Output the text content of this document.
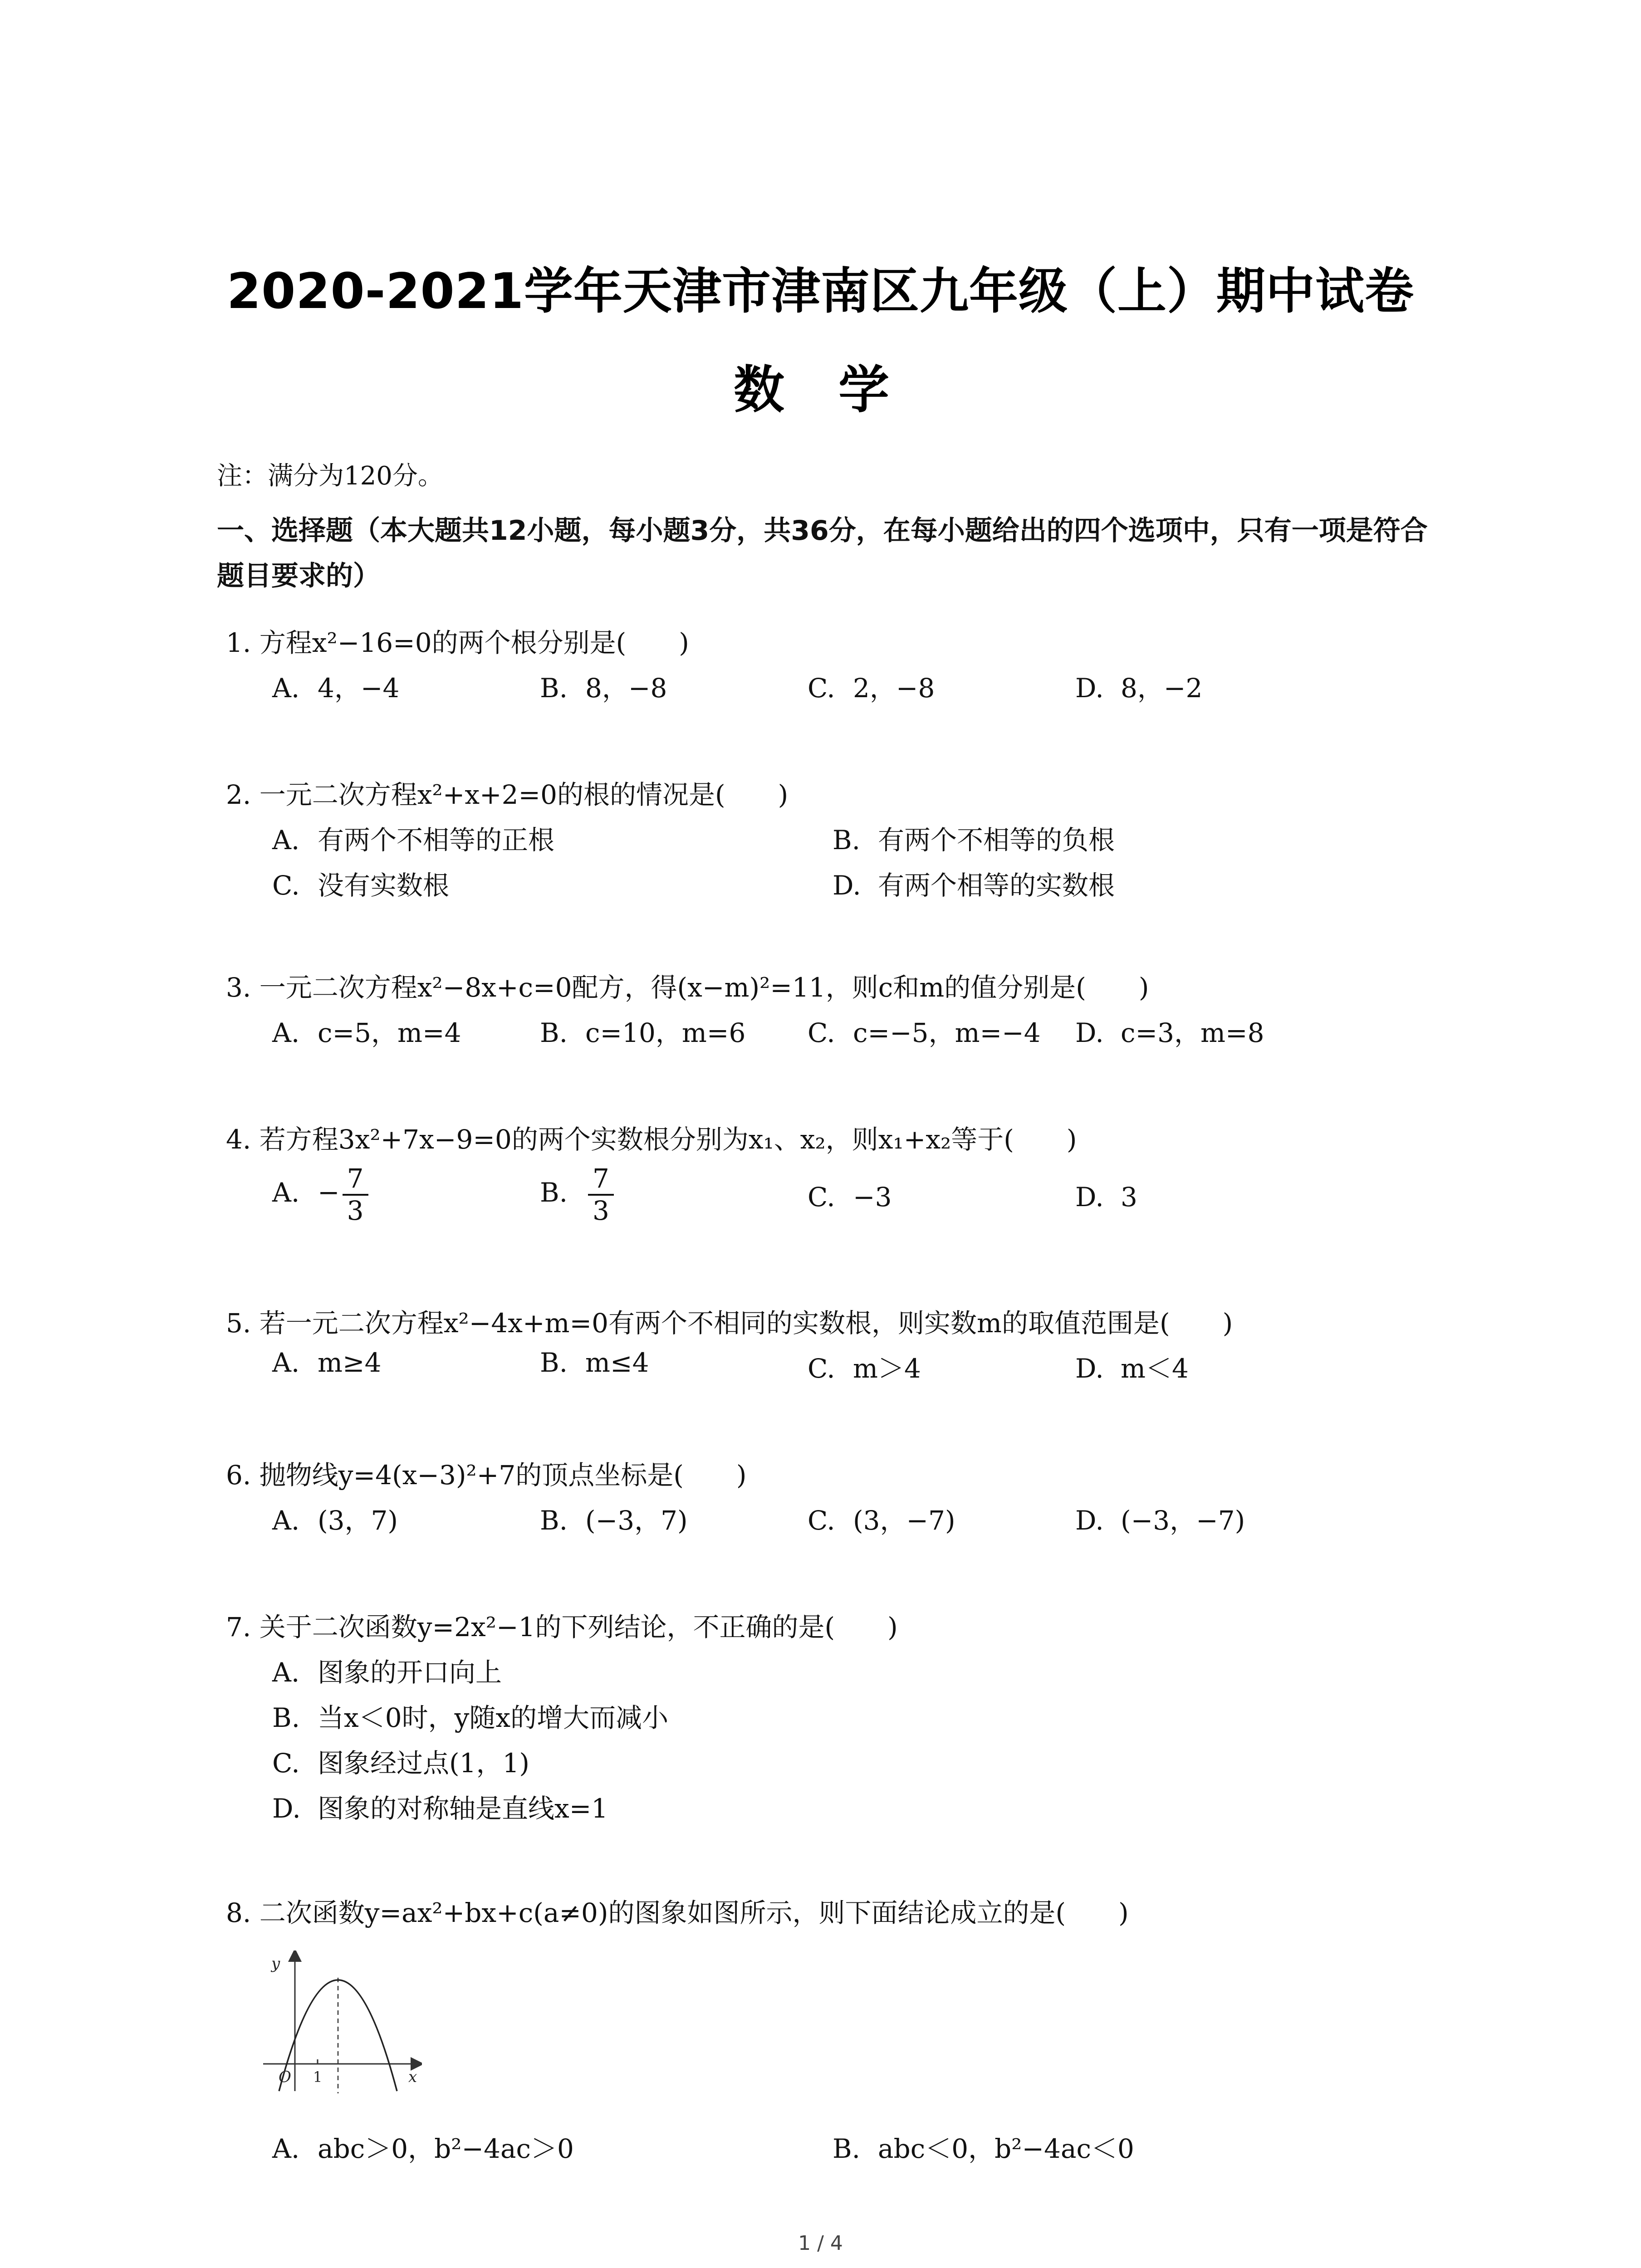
2020-2021学年天津市津南区九年级（上）期中试卷
数 学
注：满分为120分。
一、选择题（本大题共12小题，每小题3分，共36分，在每小题给出的四个选项中，只有一项是符合题目要求的）
1. 方程x²−16=0的两个根分别是(　　)
A. 4，−4	B. 8，−8	C. 2，−8	D. 8，−2
2. 一元二次方程x²+x+2=0的根的情况是(　　)
A. 有两个不相等的正根	B. 有两个不相等的负根
C. 没有实数根	D. 有两个相等的实数根
3. 一元二次方程x²−8x+c=0配方，得(x−m)²=11，则c和m的值分别是(　　)
A. c=5，m=4	B. c=10，m=6 C. c=−5，m=−4 D. c=3，m=8
4. 若方程3x²+7x−9=0的两个实数根分别为x₁、x₂，则x₁+x₂等于(　　)
A. − $\frac{7}{3}$	B. $\frac{7}{3}$	C. −3	D. 3
5. 若一元二次方程x²−4x+m=0有两个不相同的实数根，则实数m的取值范围是(　　)
A. m≥4	B. m≤4	C. m＞4	D. m＜4
6. 抛物线y=4(x−3)²+7的顶点坐标是(　　)
A. (3，7)	B. (−3，7)	C. (3，−7)	D. (−3，−7)
7. 关于二次函数y=2x²−1的下列结论，不正确的是(　　)
A. 图象的开口向上
B. 当x＜0时，y随x的增大而减小
C. 图象经过点(1，1)
D. 图象的对称轴是直线x=1
8. 二次函数y=ax²+bx+c(a≠0)的图象如图所示，则下面结论成立的是(　　)
y
x
O 1
A. abc＞0，b²−4ac＞0	B. abc＜0，b²−4ac＜0
1 / 4
